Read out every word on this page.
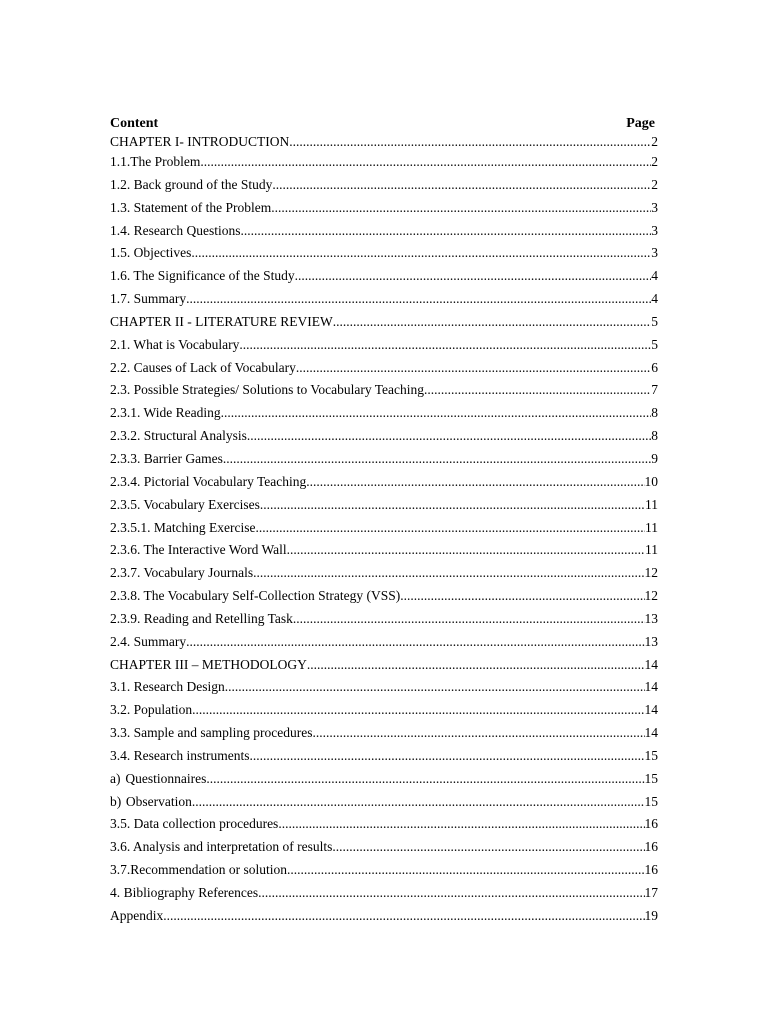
Content	Page
CHAPTER I- INTRODUCTION .....	2
1.1.The Problem .....	2
1.2. Back ground of the Study .....	2
1.3. Statement of the Problem .....	3
1.4. Research Questions .....	3
1.5. Objectives .....	3
1.6. The Significance of the Study .....	4
1.7. Summary .....	4
CHAPTER II - LITERATURE REVIEW .....	5
2.1. What is Vocabulary .....	5
2.2. Causes of Lack of Vocabulary .....	6
2.3. Possible Strategies/ Solutions to Vocabulary Teaching .....	7
2.3.1. Wide Reading .....	8
2.3.2. Structural Analysis .....	8
2.3.3. Barrier Games .....	9
2.3.4. Pictorial Vocabulary Teaching .....	10
2.3.5. Vocabulary Exercises .....	11
2.3.5.1. Matching Exercise .....	11
2.3.6. The Interactive Word Wall .....	11
2.3.7. Vocabulary Journals .....	12
2.3.8. The Vocabulary Self-Collection Strategy (VSS) .....	12
2.3.9. Reading and Retelling Task .....	13
2.4. Summary .....	13
CHAPTER III – METHODOLOGY .....	14
3.1. Research Design .....	14
3.2. Population .....	14
3.3. Sample and sampling procedures .....	14
3.4. Research instruments .....	15
a) Questionnaires .....	15
b) Observation .....	15
3.5. Data collection procedures .....	16
3.6. Analysis and interpretation of results .....	16
3.7. Recommendation or solution .....	16
4. Bibliography References .....	17
Appendix .....	19
